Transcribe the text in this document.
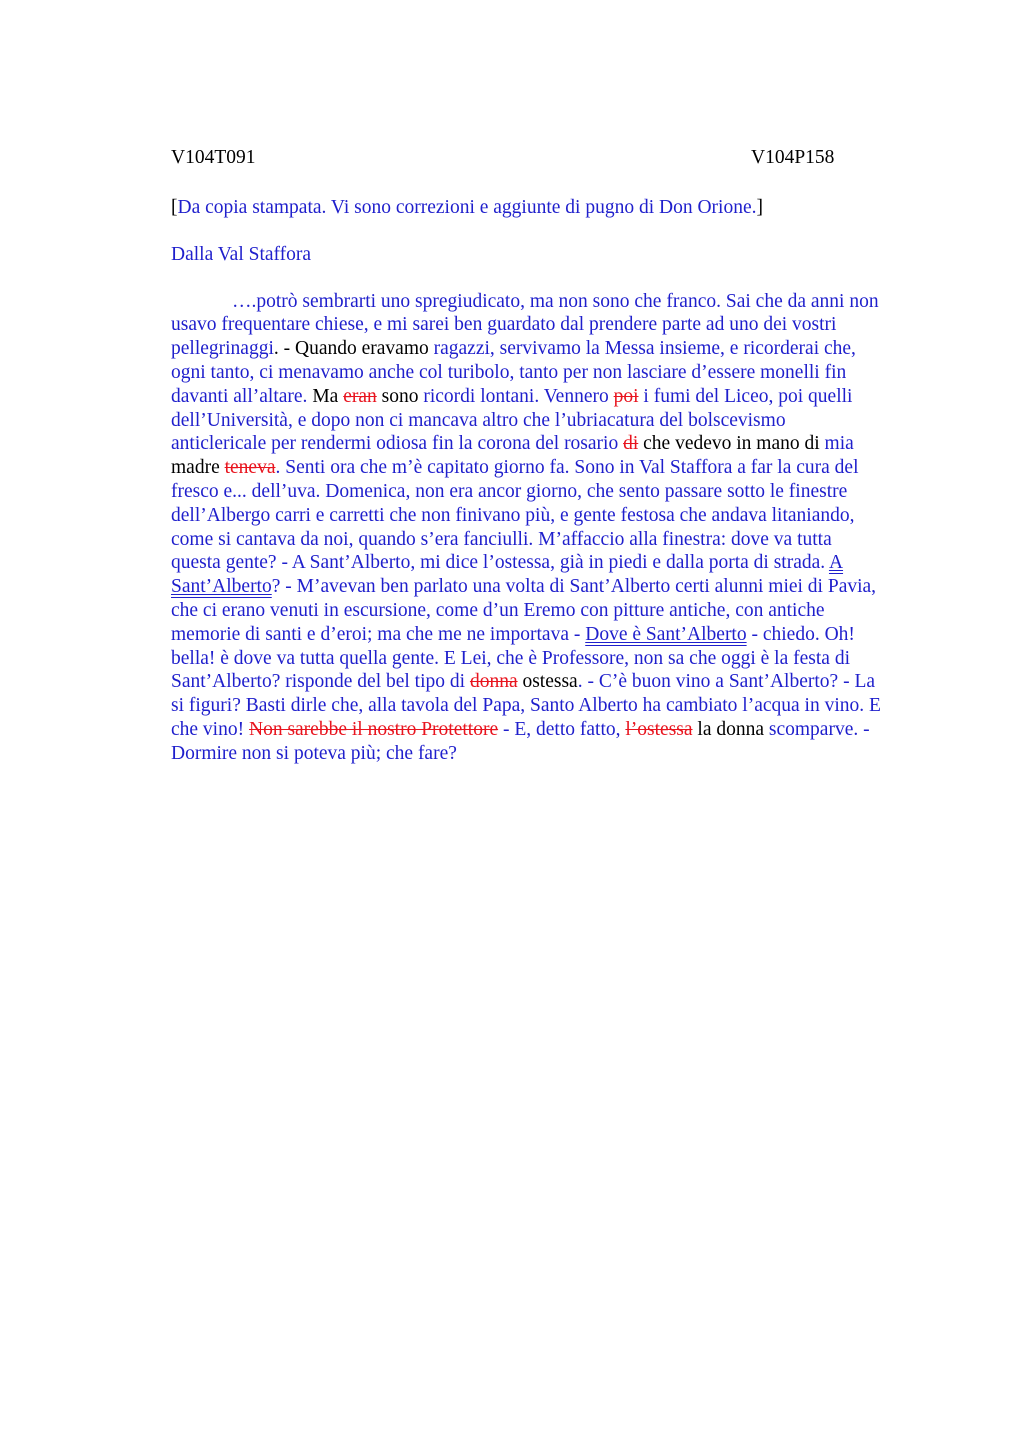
V104T091	V104P158
[Da copia stampata. Vi sono correzioni e aggiunte di pugno di Don Orione.]
Dalla Val Staffora
….potrò sembrarti uno spregiudicato, ma non sono che franco. Sai che da anni non
usavo frequentare chiese, e mi sarei ben guardato dal prendere parte ad uno dei vostri
pellegrinaggi. - Quando eravamo ragazzi, servivamo la Messa insieme, e ricorderai che,
ogni tanto, ci menavamo anche col turibolo, tanto per non lasciare d’essere monelli fin
davanti all’altare. Ma eran sono ricordi lontani. Vennero poi i fumi del Liceo, poi quelli
dell’Università, e dopo non ci mancava altro che l’ubriacatura del bolscevismo
anticlericale per rendermi odiosa fin la corona del rosario di che vedevo in mano di mia
madre teneva. Senti ora che m’è capitato giorno fa. Sono in Val Staffora a far la cura del
fresco e... dell’uva. Domenica, non era ancor giorno, che sento passare sotto le finestre
dell’Albergo carri e carretti che non finivano più, e gente festosa che andava litaniando,
come si cantava da noi, quando s’era fanciulli. M’affaccio alla finestra: dove va tutta
questa gente? - A Sant’Alberto, mi dice l’ostessa, già in piedi e dalla porta di strada. A
Sant’Alberto? - M’avevan ben parlato una volta di Sant’Alberto certi alunni miei di Pavia,
che ci erano venuti in escursione, come d’un Eremo con pitture antiche, con antiche
memorie di santi e d’eroi; ma che me ne importava - Dove è Sant’Alberto - chiedo. Oh!
bella! è dove va tutta quella gente. E Lei, che è Professore, non sa che oggi è la festa di
Sant’Alberto? risponde del bel tipo di donna ostessa. - C’è buon vino a Sant’Alberto? - La
si figuri? Basti dirle che, alla tavola del Papa, Santo Alberto ha cambiato l’acqua in vino. E
che vino! Non sarebbe il nostro Protettore - E, detto fatto, l’ostessa la donna scomparve. -
Dormire non si poteva più; che fare?
